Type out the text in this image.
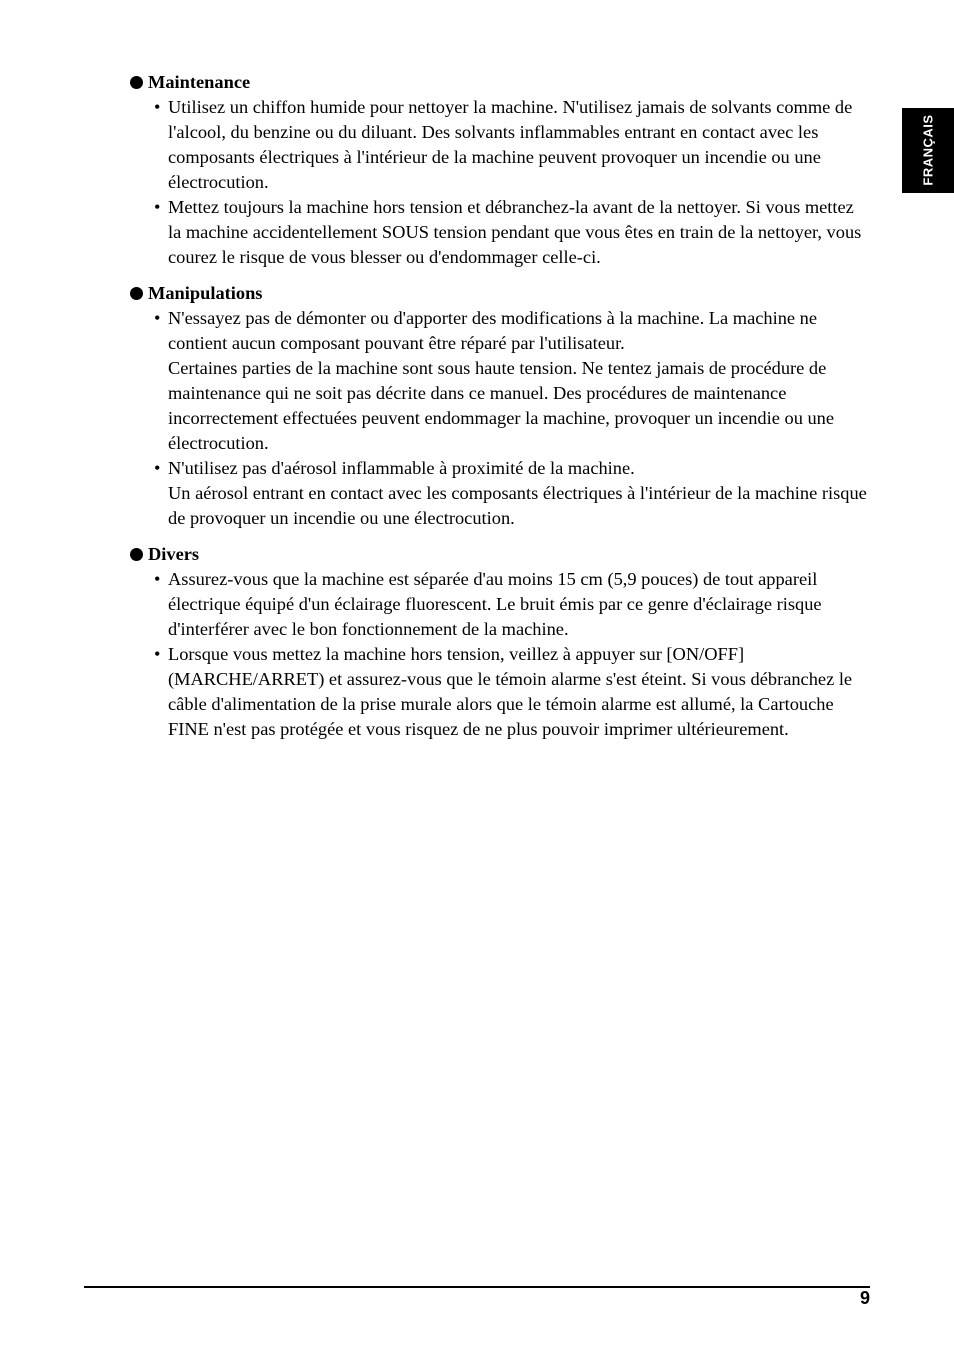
FRANÇAIS
Maintenance
• Utilisez un chiffon humide pour nettoyer la machine. N'utilisez jamais de solvants comme de l'alcool, du benzine ou du diluant. Des solvants inflammables entrant en contact avec les composants électriques à l'intérieur de la machine peuvent provoquer un incendie ou une électrocution.
• Mettez toujours la machine hors tension et débranchez-la avant de la nettoyer. Si vous mettez la machine accidentellement SOUS tension pendant que vous êtes en train de la nettoyer, vous courez le risque de vous blesser ou d'endommager celle-ci.
Manipulations
• N'essayez pas de démonter ou d'apporter des modifications à la machine. La machine ne contient aucun composant pouvant être réparé par l'utilisateur.
Certaines parties de la machine sont sous haute tension. Ne tentez jamais de procédure de maintenance qui ne soit pas décrite dans ce manuel. Des procédures de maintenance incorrectement effectuées peuvent endommager la machine, provoquer un incendie ou une électrocution.
• N'utilisez pas d'aérosol inflammable à proximité de la machine.
Un aérosol entrant en contact avec les composants électriques à l'intérieur de la machine risque de provoquer un incendie ou une électrocution.
Divers
• Assurez-vous que la machine est séparée d'au moins 15 cm (5,9 pouces) de tout appareil électrique équipé d'un éclairage fluorescent. Le bruit émis par ce genre d'éclairage risque d'interférer avec le bon fonctionnement de la machine.
• Lorsque vous mettez la machine hors tension, veillez à appuyer sur [ON/OFF] (MARCHE/ARRET) et assurez-vous que le témoin alarme s'est éteint. Si vous débranchez le câble d'alimentation de la prise murale alors que le témoin alarme est allumé, la Cartouche FINE n'est pas protégée et vous risquez de ne plus pouvoir imprimer ultérieurement.
9
